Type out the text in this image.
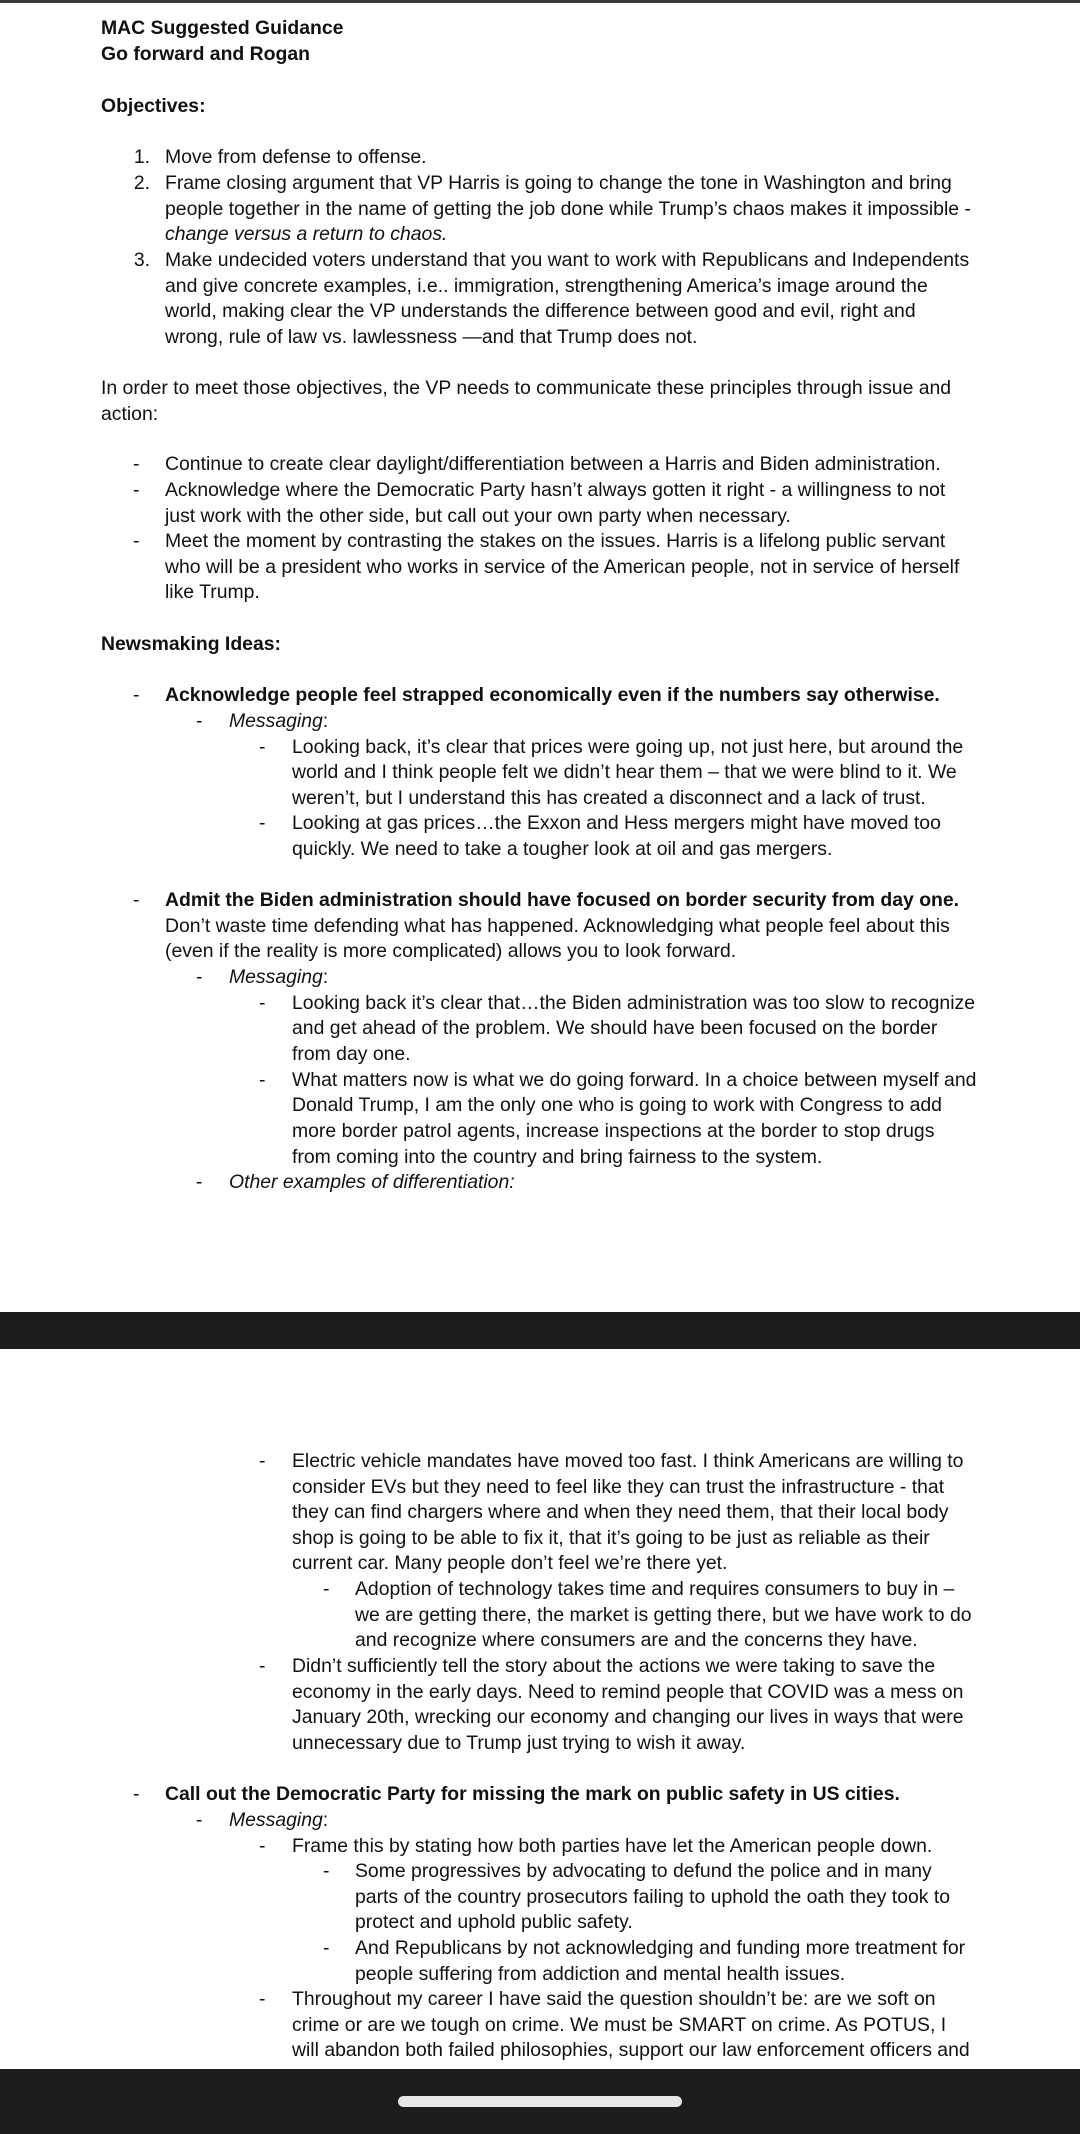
MAC Suggested Guidance

Go forward and Rogan

Objectives:

1. Move from defense to offense.

2. Frame closing argument that VP Harris is going to change the tone in Washington and bring

people together in the name of getting the job done while Trump’s chaos makes it impossible -

change versus a return to chaos.

3. Make undecided voters understand that you want to work with Republicans and Independents

and give concrete examples, i.e.. immigration, strengthening America’s image around the

world, making clear the VP understands the difference between good and evil, right and

wrong, rule of law vs. lawlessness —and that Trump does not.

In order to meet those objectives, the VP needs to communicate these principles through issue and

action:

- Continue to create clear daylight/differentiation between a Harris and Biden administration.

- Acknowledge where the Democratic Party hasn’t always gotten it right - a willingness to not

just work with the other side, but call out your own party when necessary.

- Meet the moment by contrasting the stakes on the issues. Harris is a lifelong public servant

who will be a president who works in service of the American people, not in service of herself

like Trump.

Newsmaking Ideas:

- Acknowledge people feel strapped economically even if the numbers say otherwise.

- Messaging:

- Looking back, it’s clear that prices were going up, not just here, but around the

world and I think people felt we didn’t hear them – that we were blind to it. We

weren’t, but I understand this has created a disconnect and a lack of trust.

- Looking at gas prices…the Exxon and Hess mergers might have moved too

quickly. We need to take a tougher look at oil and gas mergers.

- Admit the Biden administration should have focused on border security from day one.

Don’t waste time defending what has happened. Acknowledging what people feel about this

(even if the reality is more complicated) allows you to look forward.

- Messaging:

- Looking back it’s clear that…the Biden administration was too slow to recognize

and get ahead of the problem. We should have been focused on the border

from day one.

- What matters now is what we do going forward. In a choice between myself and

Donald Trump, I am the only one who is going to work with Congress to add

more border patrol agents, increase inspections at the border to stop drugs

from coming into the country and bring fairness to the system.

- Other examples of differentiation:

- Electric vehicle mandates have moved too fast. I think Americans are willing to

consider EVs but they need to feel like they can trust the infrastructure - that

they can find chargers where and when they need them, that their local body

shop is going to be able to fix it, that it’s going to be just as reliable as their

current car. Many people don’t feel we’re there yet.

- Adoption of technology takes time and requires consumers to buy in –

we are getting there, the market is getting there, but we have work to do

and recognize where consumers are and the concerns they have.

- Didn’t sufficiently tell the story about the actions we were taking to save the

economy in the early days. Need to remind people that COVID was a mess on

January 20th, wrecking our economy and changing our lives in ways that were

unnecessary due to Trump just trying to wish it away.

- Call out the Democratic Party for missing the mark on public safety in US cities.

- Messaging:

- Frame this by stating how both parties have let the American people down.

- Some progressives by advocating to defund the police and in many

parts of the country prosecutors failing to uphold the oath they took to

protect and uphold public safety.

- And Republicans by not acknowledging and funding more treatment for

people suffering from addiction and mental health issues.

- Throughout my career I have said the question shouldn’t be: are we soft on

crime or are we tough on crime. We must be SMART on crime. As POTUS, I

will abandon both failed philosophies, support our law enforcement officers and
